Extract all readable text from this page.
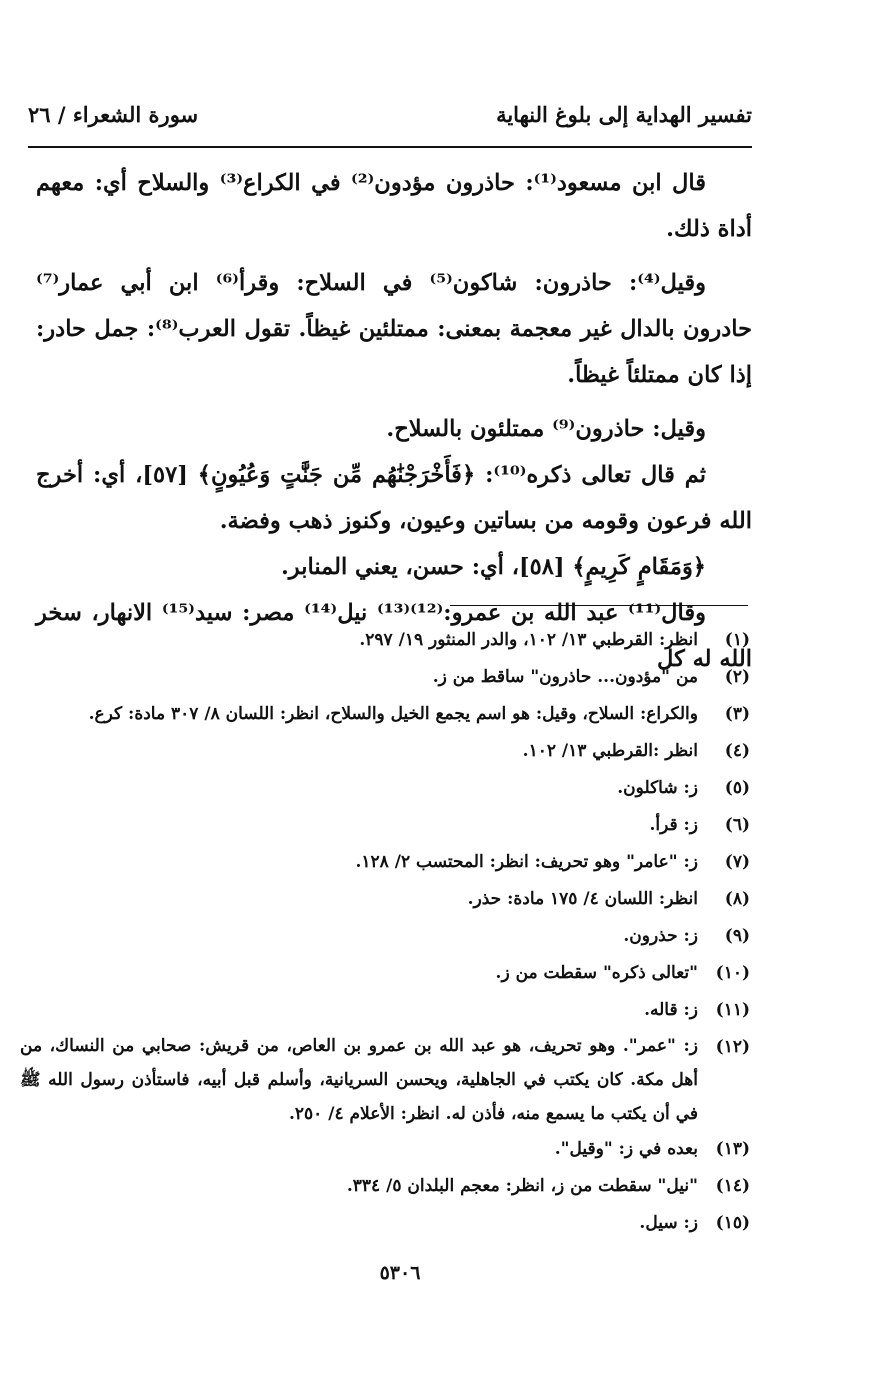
تفسير الهداية إلى بلوغ النهاية
سورة الشعراء / ٢٦

قال ابن مسعود⁽¹⁾: حاذرون مؤدون⁽²⁾ في الكراع⁽³⁾ والسلاح أي: معهم أداة ذلك.

وقيل⁽⁴⁾: حاذرون: شاكون⁽⁵⁾ في السلاح: وقرأ⁽⁶⁾ ابن أبي عمار⁽⁷⁾ حادرون بالدال غير معجمة بمعنى: ممتلئين غيظاً. تقول العرب⁽⁸⁾: جمل حادر: إذا كان ممتلئاً غيظاً.

وقيل: حاذرون⁽⁹⁾ ممتلئون بالسلاح.

ثم قال تعالى ذكره⁽¹⁰⁾: ﴿فَأَخْرَجْنَٰهُم مِّن جَنَّٰتٍ وَعُيُونٍ﴾ [٥٧]، أي: أخرج الله فرعون وقومه من بساتين وعيون، وكنوز ذهب وفضة.

﴿وَمَقَامٍ كَرِيمٍ﴾ [٥٨]، أي: حسن، يعني المنابر.

وقال⁽¹¹⁾ عبد الله بن عمرو:⁽¹²⁾⁽¹³⁾ نيل⁽¹⁴⁾ مصر: سيد⁽¹⁵⁾ الانهار، سخر الله له كل

(١)
انظر: القرطبي ١٣/ ١٠٢، والدر المنثور ١٩/ ٢٩٧.
(٢)
من "مؤدون... حاذرون" ساقط من ز.
(٣)
والكراع: السلاح، وقيل: هو اسم يجمع الخيل والسلاح، انظر: اللسان ٨/ ٣٠٧ مادة: كرع.
(٤)
انظر :القرطبي ١٣/ ١٠٢.
(٥)
ز: شاكلون.
(٦)
ز: قرأ.
(٧)
ز: "عامر" وهو تحريف: انظر: المحتسب ٢/ ١٢٨.
(٨)
انظر: اللسان ٤/ ١٧٥ مادة: حذر.
(٩)
ز: حذرون.
(١٠)
"تعالى ذكره" سقطت من ز.
(١١)
ز: قاله.
(١٢)
ز: "عمر". وهو تحريف، هو عبد الله بن عمرو بن العاص، من قريش: صحابي من النساك، من أهل مكة. كان يكتب في الجاهلية، ويحسن السريانية، وأسلم قبل أبيه، فاستأذن رسول الله ﷺ في أن يكتب ما يسمع منه، فأذن له. انظر: الأعلام ٤/ ٢٥٠.
(١٣)
بعده في ز: "وقيل".
(١٤)
"نيل" سقطت من ز، انظر: معجم البلدان ٥/ ٣٣٤.
(١٥)
ز: سيل.
٥٣٠٦
